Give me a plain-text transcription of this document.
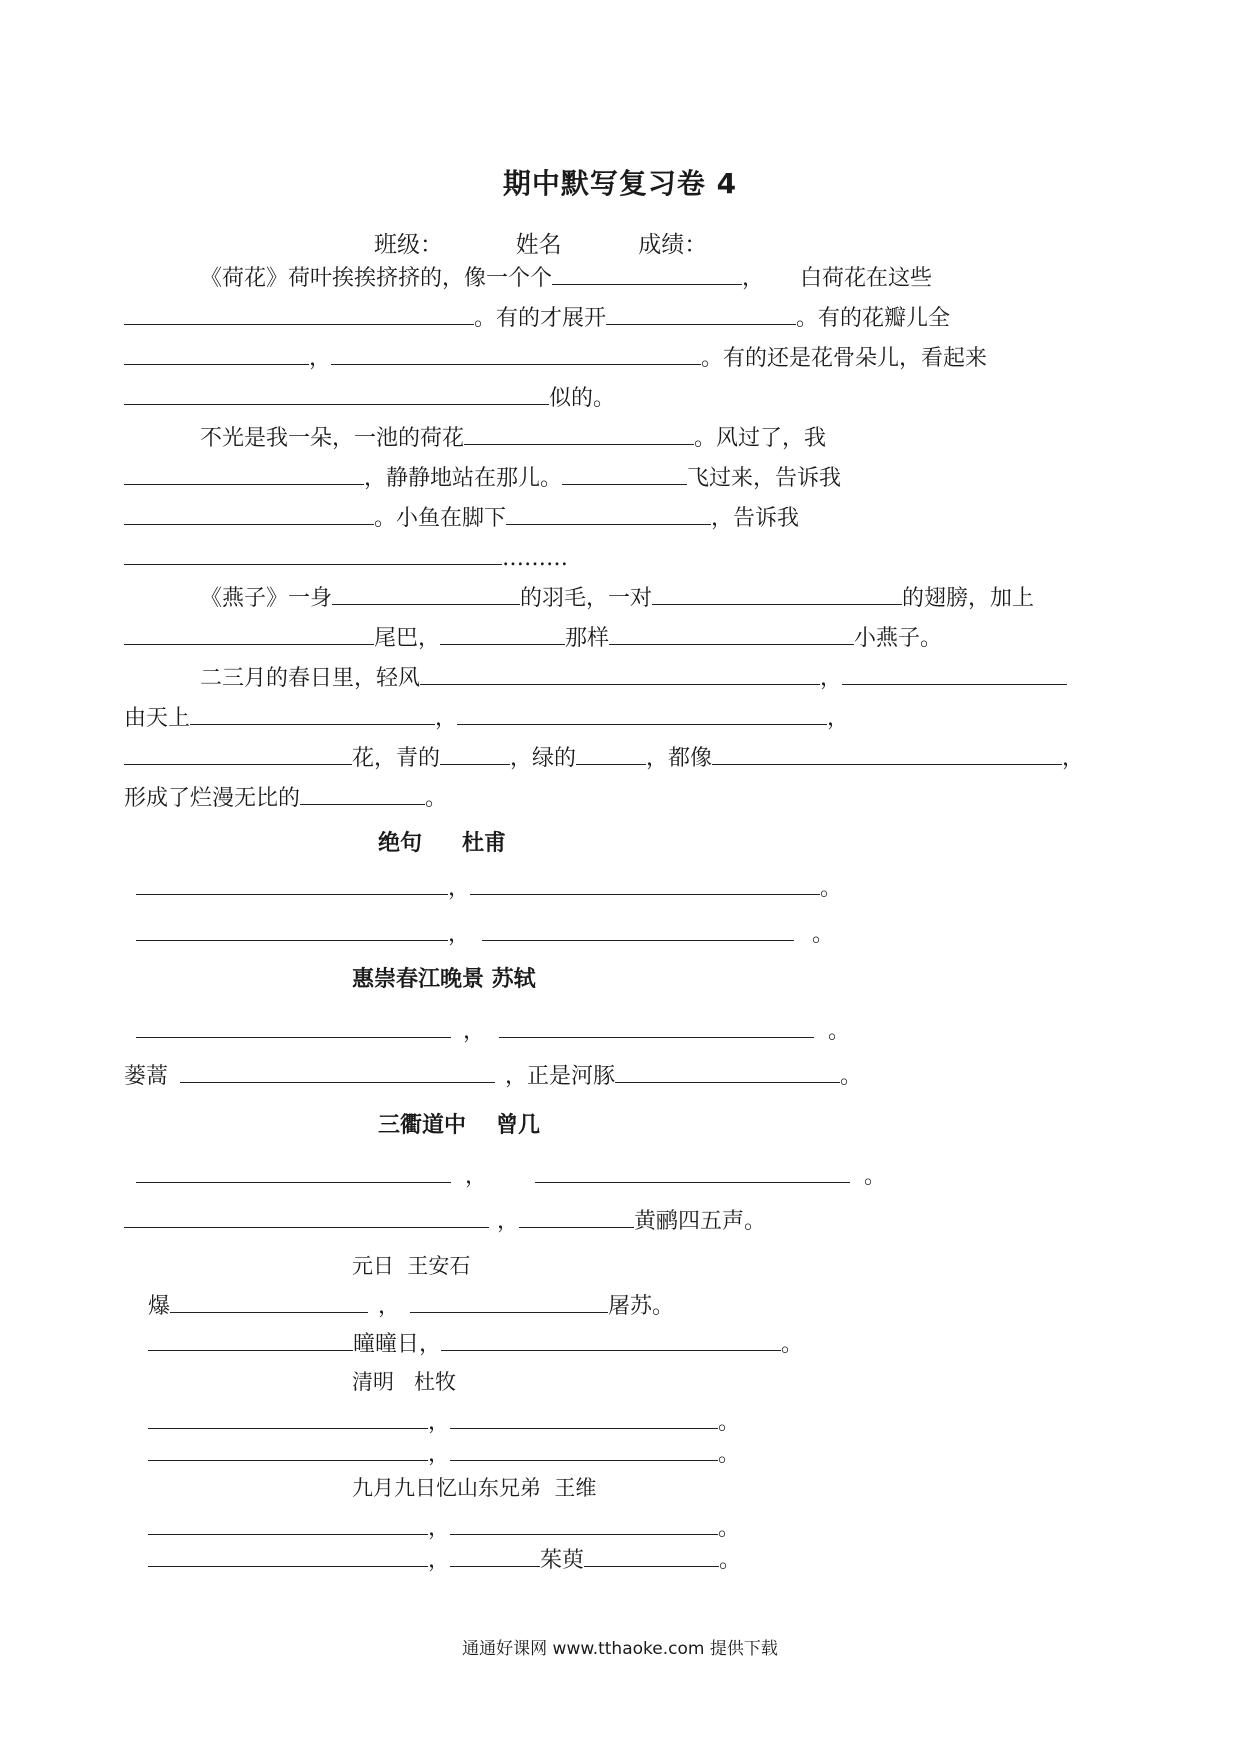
期中默写复习卷 4
班级：	姓名	成绩：
《荷花》荷叶挨挨挤挤的，像一个个	， 白荷花在这些
。有的才展开	。有的花瓣儿全
，	。有的还是花骨朵儿，看起来
似的。
不光是我一朵，一池的荷花	。风过了，我
，静静地站在那儿。	飞过来，告诉我
。小鱼在脚下	，告诉我
………
《燕子》一身	的羽毛，一对	的翅膀，加上
尾巴，	那样	小燕子。
二三月的春日里，轻风	，
由天上	，	，
花，青的	，绿的	，都像	，
形成了烂漫无比的	。
绝句 杜甫
，	。
，	。
惠崇春江晚景 苏轼
，	。
蒌蒿	，正是河豚	。
三衢道中 曾几
，	。
，	黄鹂四五声。
元日  王安石
爆	，	屠苏。
曈曈日，	。
清明   杜牧
，	。
，	。
九月九日忆山东兄弟  王维
，	。
，	茱萸	。
通通好课网 www.tthaoke.com 提供下载
